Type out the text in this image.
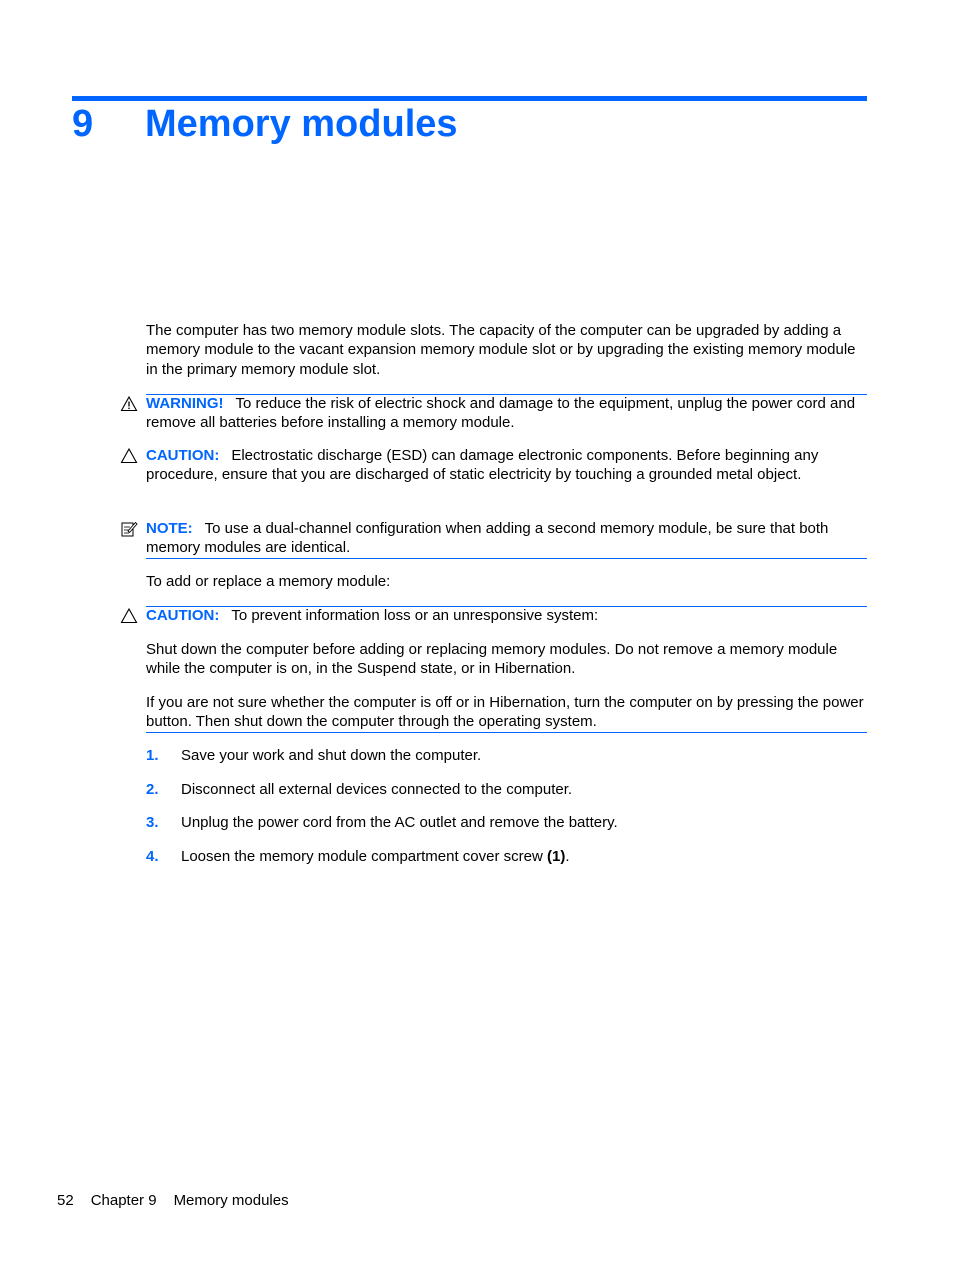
9 Memory modules

The computer has two memory module slots. The capacity of the computer can be upgraded by adding a memory module to the vacant expansion memory module slot or by upgrading the existing memory module in the primary memory module slot.

WARNING! To reduce the risk of electric shock and damage to the equipment, unplug the power cord and remove all batteries before installing a memory module.
CAUTION: Electrostatic discharge (ESD) can damage electronic components. Before beginning any procedure, ensure that you are discharged of static electricity by touching a grounded metal object.
NOTE: To use a dual-channel configuration when adding a second memory module, be sure that both memory modules are identical.

To add or replace a memory module:

CAUTION: To prevent information loss or an unresponsive system:

Shut down the computer before adding or replacing memory modules. Do not remove a memory module while the computer is on, in the Suspend state, or in Hibernation.

If you are not sure whether the computer is off or in Hibernation, turn the computer on by pressing the power button. Then shut down the computer through the operating system.

1. Save your work and shut down the computer.
2. Disconnect all external devices connected to the computer.
3. Unplug the power cord from the AC outlet and remove the battery.
4. Loosen the memory module compartment cover screw (1).
52 Chapter 9 Memory modules
